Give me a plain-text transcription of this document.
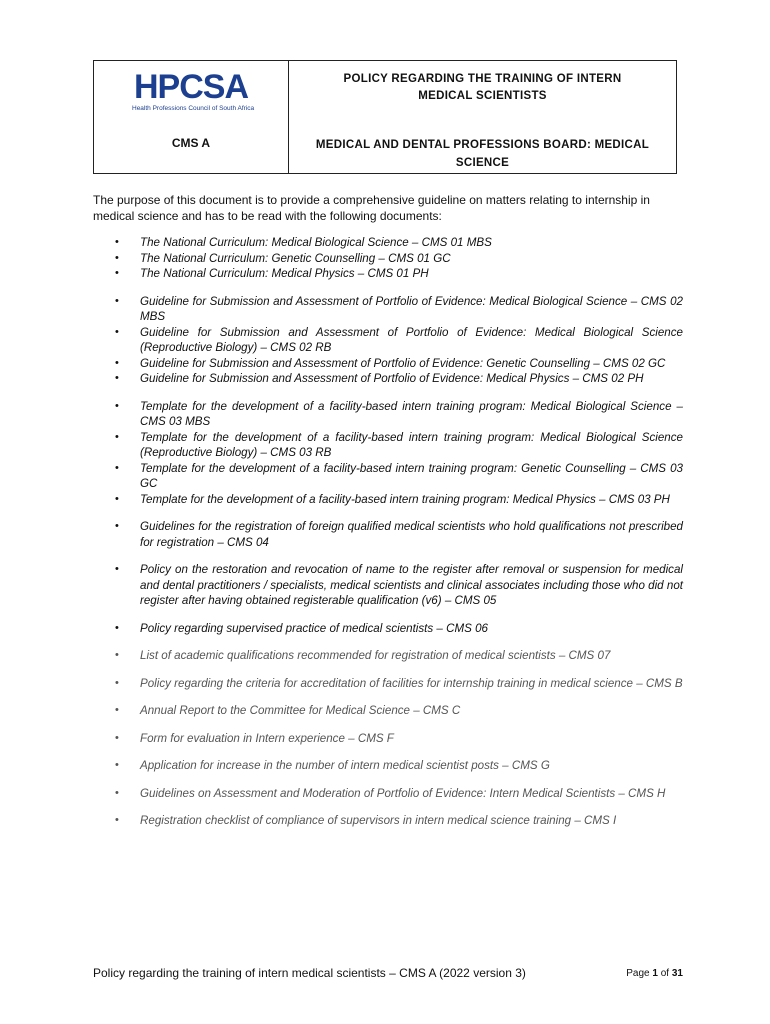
HPCSA
Health Professions Council of South Africa
CMS A
POLICY REGARDING THE TRAINING OF INTERN MEDICAL SCIENTISTS
MEDICAL AND DENTAL PROFESSIONS BOARD: MEDICAL SCIENCE
The purpose of this document is to provide a comprehensive guideline on matters relating to internship in medical science and has to be read with the following documents:
• The National Curriculum: Medical Biological Science – CMS 01 MBS
• The National Curriculum: Genetic Counselling – CMS 01 GC
• The National Curriculum: Medical Physics – CMS 01 PH
• Guideline for Submission and Assessment of Portfolio of Evidence: Medical Biological Science – CMS 02 MBS
• Guideline for Submission and Assessment of Portfolio of Evidence: Medical Biological Science (Reproductive Biology) – CMS 02 RB
• Guideline for Submission and Assessment of Portfolio of Evidence: Genetic Counselling – CMS 02 GC
• Guideline for Submission and Assessment of Portfolio of Evidence: Medical Physics – CMS 02 PH
• Template for the development of a facility-based intern training program: Medical Biological Science – CMS 03 MBS
• Template for the development of a facility-based intern training program: Medical Biological Science (Reproductive Biology) – CMS 03 RB
• Template for the development of a facility-based intern training program: Genetic Counselling – CMS 03 GC
• Template for the development of a facility-based intern training program: Medical Physics – CMS 03 PH
• Guidelines for the registration of foreign qualified medical scientists who hold qualifications not prescribed for registration – CMS 04
• Policy on the restoration and revocation of name to the register after removal or suspension for medical and dental practitioners / specialists, medical scientists and clinical associates including those who did not register after having obtained registerable qualification (v6) – CMS 05
• Policy regarding supervised practice of medical scientists – CMS 06
• List of academic qualifications recommended for registration of medical scientists – CMS 07
• Policy regarding the criteria for accreditation of facilities for internship training in medical science – CMS B
• Annual Report to the Committee for Medical Science – CMS C
• Form for evaluation in Intern experience – CMS F
• Application for increase in the number of intern medical scientist posts – CMS G
• Guidelines on Assessment and Moderation of Portfolio of Evidence: Intern Medical Scientists – CMS H
• Registration checklist of compliance of supervisors in intern medical science training – CMS I
Policy regarding the training of intern medical scientists – CMS A (2022 version 3)	Page 1 of 31
